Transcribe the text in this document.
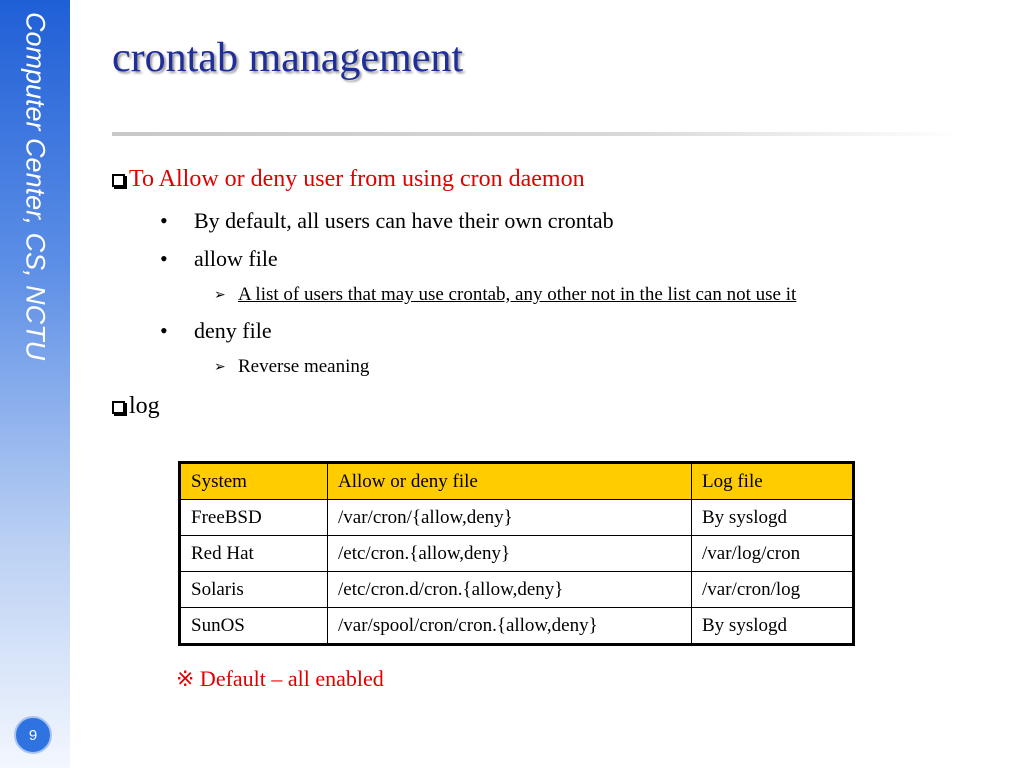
Computer Center, CS, NCTU
9
crontab management
To Allow or deny user from using cron daemon
•	By default, all users can have their own crontab
•	allow file
➢ A list of users that may use crontab, any other not in the list can not use it
•	deny file
➢ Reverse meaning
log
System	Allow or deny file	Log file
FreeBSD	/var/cron/{allow,deny}	By syslogd
Red Hat	/etc/cron.{allow,deny}	/var/log/cron
Solaris	/etc/cron.d/cron.{allow,deny}	/var/cron/log
SunOS	/var/spool/cron/cron.{allow,deny}	By syslogd
※ Default – all enabled
